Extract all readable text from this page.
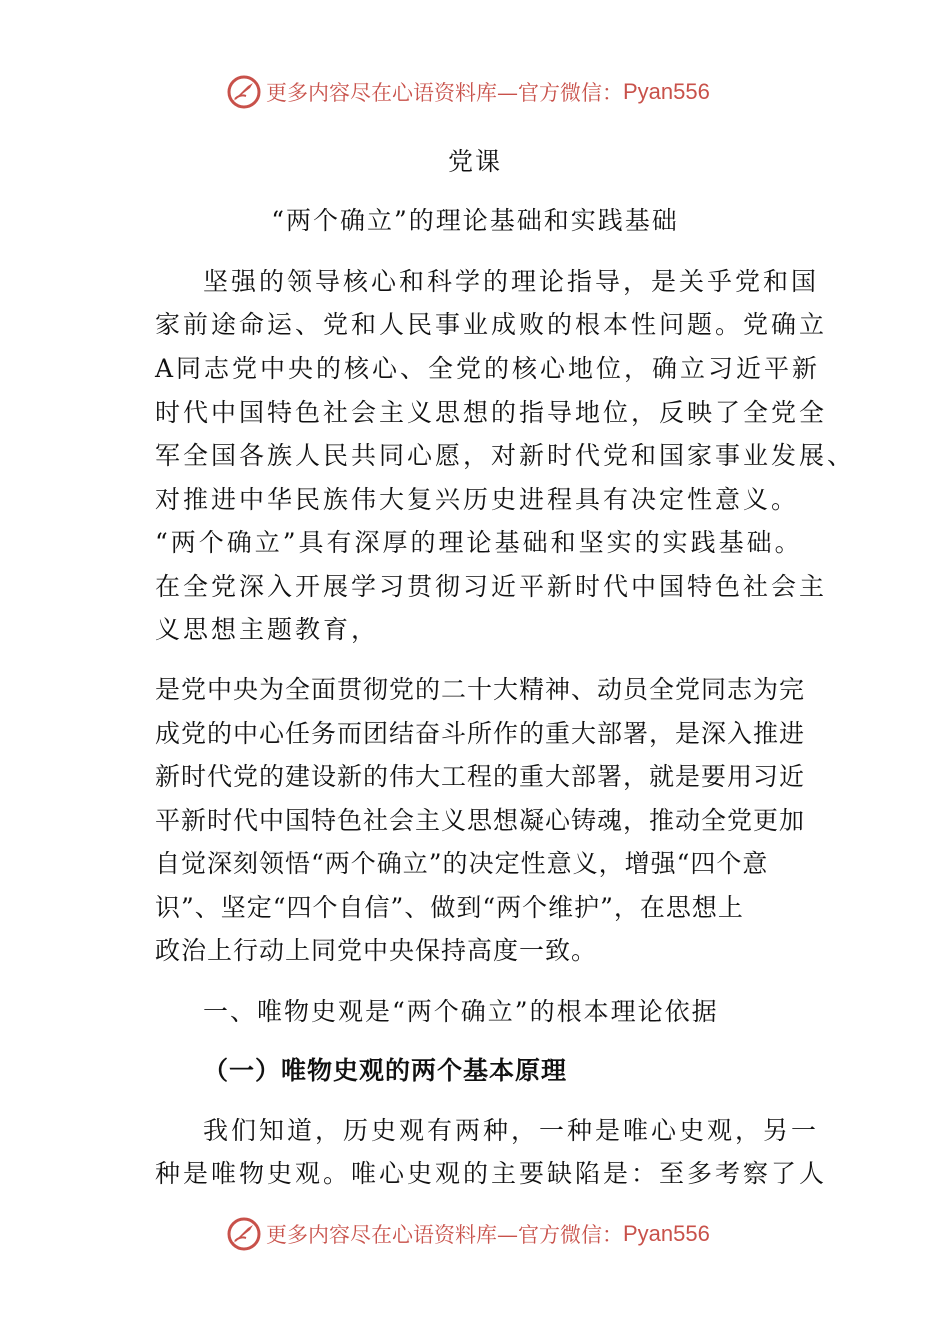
更多内容尽在心语资料库— 官方微信： Pyan556
党课
“两个确立”的理论基础和实践基础
坚强的领导核心和科学的理论指导，是关乎党和国
家前途命运、党和人民事业成败的根本性问题。党确立
A同志党中央的核心、全党的核心地位，确立习近平新
时代中国特色社会主义思想的指导地位，反映了全党全
军全国各族人民共同心愿，对新时代党和国家事业发展、
对推进中华民族伟大复兴历史进程具有决定性意义。
“两个确立”具有深厚的理论基础和坚实的实践基础。
在全党深入开展学习贯彻习近平新时代中国特色社会主
义思想主题教育，
是党中央为全面贯彻党的二十大精神、动员全党同志为完
成党的中心任务而团结奋斗所作的重大部署，是深入推进
新时代党的建设新的伟大工程的重大部署，就是要用习近
平新时代中国特色社会主义思想凝心铸魂，推动全党更加
自觉深刻领悟“两个确立”的决定性意义，增强“四个意
识”、坚定“四个自信”、做到“两个维护”，在思想上
政治上行动上同党中央保持高度一致。
一、唯物史观是“两个确立”的根本理论依据
（一）唯物史观的两个基本原理
我们知道，历史观有两种，一种是唯心史观，另一
种是唯物史观。唯心史观的主要缺陷是：至多考察了人
更多内容尽在心语资料库— 官方微信： Pyan556
